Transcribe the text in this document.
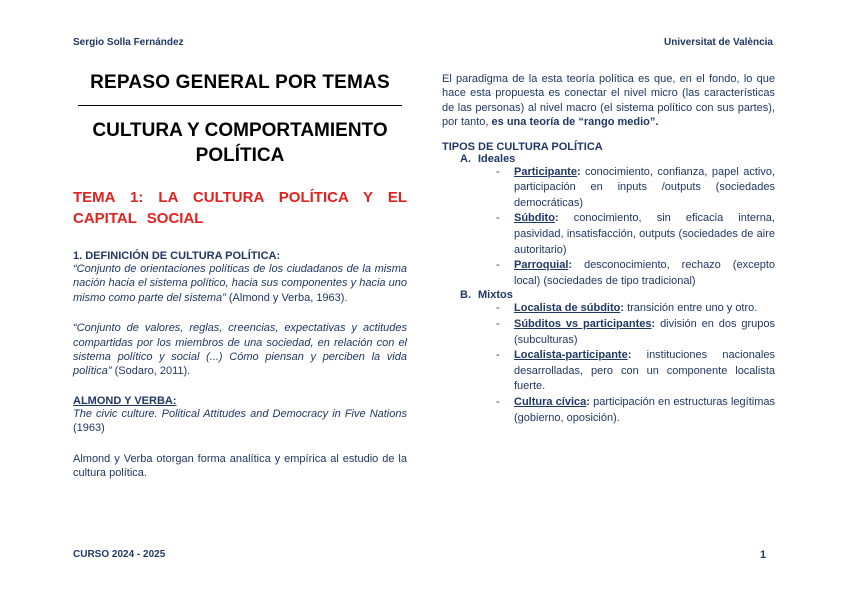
Sergio Solla Fernández	Universitat de València
REPASO GENERAL POR TEMAS
CULTURA Y COMPORTAMIENTO POLÍTICA
TEMA 1: LA CULTURA POLÍTICA Y EL CAPITAL SOCIAL
1. DEFINICIÓN DE CULTURA POLÍTICA:

“Conjunto de orientaciones políticas de los ciudadanos de la misma nación hacia el sistema político, hacia sus componentes y hacia uno mismo como parte del sistema” (Almond y Verba, 1963).

“Conjunto de valores, reglas, creencias, expectativas y actitudes compartidas por los miembros de una sociedad, en relación con el sistema político y social (...) Cómo piensan y perciben la vida política” (Sodaro, 2011).

ALMOND Y VERBA:

The civic culture. Political Attitudes and Democracy in Five Nations (1963)

Almond y Verba otorgan forma analítica y empírica al estudio de la cultura política.

El paradigma de la esta teoría política es que, en el fondo, lo que hace esta propuesta es conectar el nivel micro (las características de las personas) al nivel macro (el sistema político con sus partes), por tanto, es una teoría de “rango medio”.

TIPOS DE CULTURA POLÍTICA
A. Ideales
- Participante: conocimiento, confianza, papel activo, participación en inputs /outputs (sociedades democráticas)
- Súbdito: conocimiento, sin eficacia interna, pasividad, insatisfacción, outputs (sociedades de aire autoritario)
- Parroquial: desconocimiento, rechazo (excepto local) (sociedades de tipo tradicional)
B. Mixtos
- Localista de súbdito: transición entre uno y otro.
- Súbditos vs participantes: división en dos grupos (subculturas)
- Localista-participante: instituciones nacionales desarrolladas, pero con un componente localista fuerte.
- Cultura cívica: participación en estructuras legítimas (gobierno, oposición).
CURSO 2024 - 2025	1
